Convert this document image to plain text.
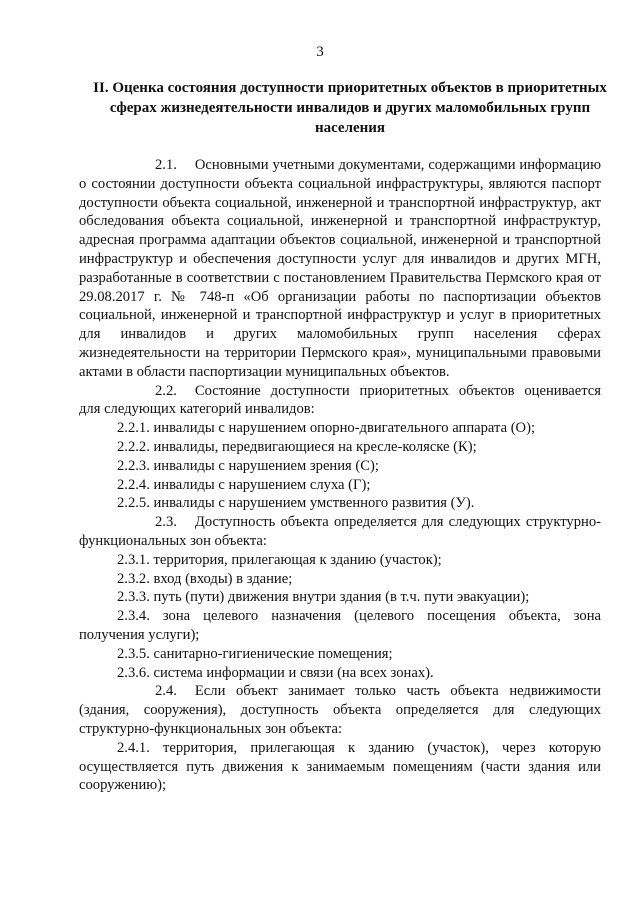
3
II. Оценка состояния доступности приоритетных объектов в приоритетных
сферах жизнедеятельности инвалидов и других маломобильных групп
населения

2.1. Основными учетными документами, содержащими информацию о состоянии доступности объекта социальной инфраструктуры, являются паспорт доступности объекта социальной, инженерной и транспортной инфраструктур, акт обследования объекта социальной, инженерной и транспортной инфраструктур, адресная программа адаптации объектов социальной, инженерной и транспортной инфраструктур и обеспечения доступности услуг для инвалидов и других МГН, разработанные в соответствии с постановлением Правительства Пермского края от 29.08.2017 г. № 748-п «Об организации работы по паспортизации объектов социальной, инженерной и транспортной инфраструктур и услуг в приоритетных для инвалидов и других маломобильных групп населения сферах жизнедеятельности на территории Пермского края», муниципальными правовыми актами в области паспортизации муниципальных объектов.

2.2. Состояние доступности приоритетных объектов оценивается для следующих категорий инвалидов:

2.2.1. инвалиды с нарушением опорно-двигательного аппарата (О);

2.2.2. инвалиды, передвигающиеся на кресле-коляске (К);

2.2.3. инвалиды с нарушением зрения (С);

2.2.4. инвалиды с нарушением слуха (Г);

2.2.5. инвалиды с нарушением умственного развития (У).

2.3. Доступность объекта определяется для следующих структурно-функциональных зон объекта:

2.3.1. территория, прилегающая к зданию (участок);

2.3.2. вход (входы) в здание;

2.3.3. путь (пути) движения внутри здания (в т.ч. пути эвакуации);

2.3.4. зона целевого назначения (целевого посещения объекта, зона получения услуги);

2.3.5. санитарно-гигиенические помещения;

2.3.6. система информации и связи (на всех зонах).

2.4. Если объект занимает только часть объекта недвижимости (здания, сооружения), доступность объекта определяется для следующих структурно-функциональных зон объекта:

2.4.1. территория, прилегающая к зданию (участок), через которую осуществляется путь движения к занимаемым помещениям (части здания или сооружению);
